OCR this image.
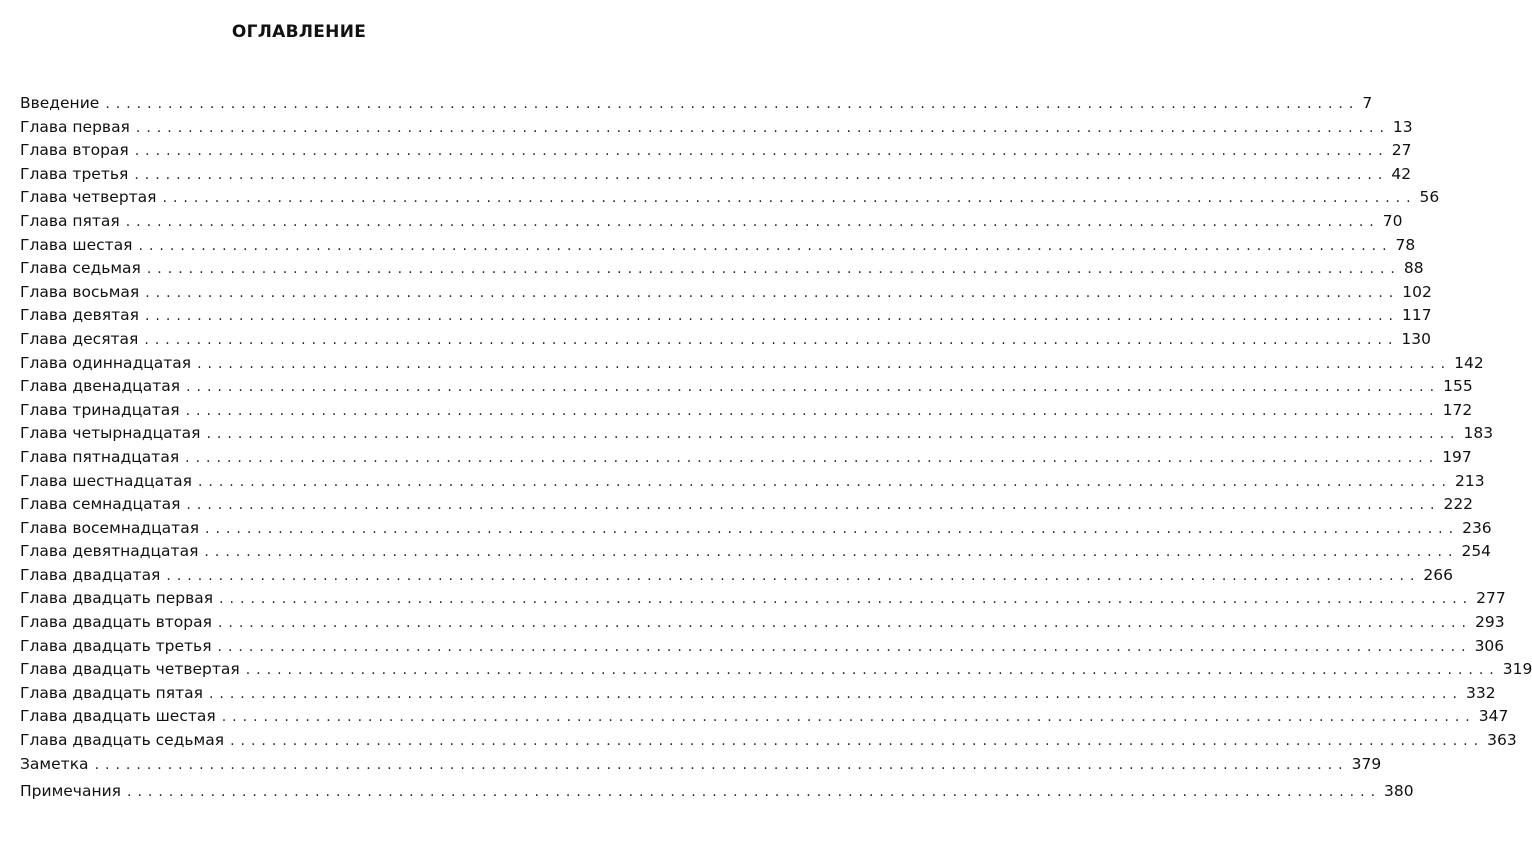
ОГЛАВЛЕНИЕ
Введение ........................................................................................................................ 7
Глава первая ........................................................................................................................ 13
Глава вторая ........................................................................................................................ 27
Глава третья ........................................................................................................................ 42
Глава четвертая ........................................................................................................................ 56
Глава пятая ........................................................................................................................ 70
Глава шестая ........................................................................................................................ 78
Глава седьмая ........................................................................................................................ 88
Глава восьмая ........................................................................................................................ 102
Глава девятая ........................................................................................................................ 117
Глава десятая ........................................................................................................................ 130
Глава одиннадцатая ........................................................................................................................ 142
Глава двенадцатая ........................................................................................................................ 155
Глава тринадцатая ........................................................................................................................ 172
Глава четырнадцатая ........................................................................................................................ 183
Глава пятнадцатая ........................................................................................................................ 197
Глава шестнадцатая ........................................................................................................................ 213
Глава семнадцатая ........................................................................................................................ 222
Глава восемнадцатая ........................................................................................................................ 236
Глава девятнадцатая ........................................................................................................................ 254
Глава двадцатая ........................................................................................................................ 266
Глава двадцать первая ........................................................................................................................ 277
Глава двадцать вторая ........................................................................................................................ 293
Глава двадцать третья ........................................................................................................................ 306
Глава двадцать четвертая ........................................................................................................................ 319
Глава двадцать пятая ........................................................................................................................ 332
Глава двадцать шестая ........................................................................................................................ 347
Глава двадцать седьмая ........................................................................................................................ 363
Заметка ........................................................................................................................ 379
Примечания ........................................................................................................................ 380
